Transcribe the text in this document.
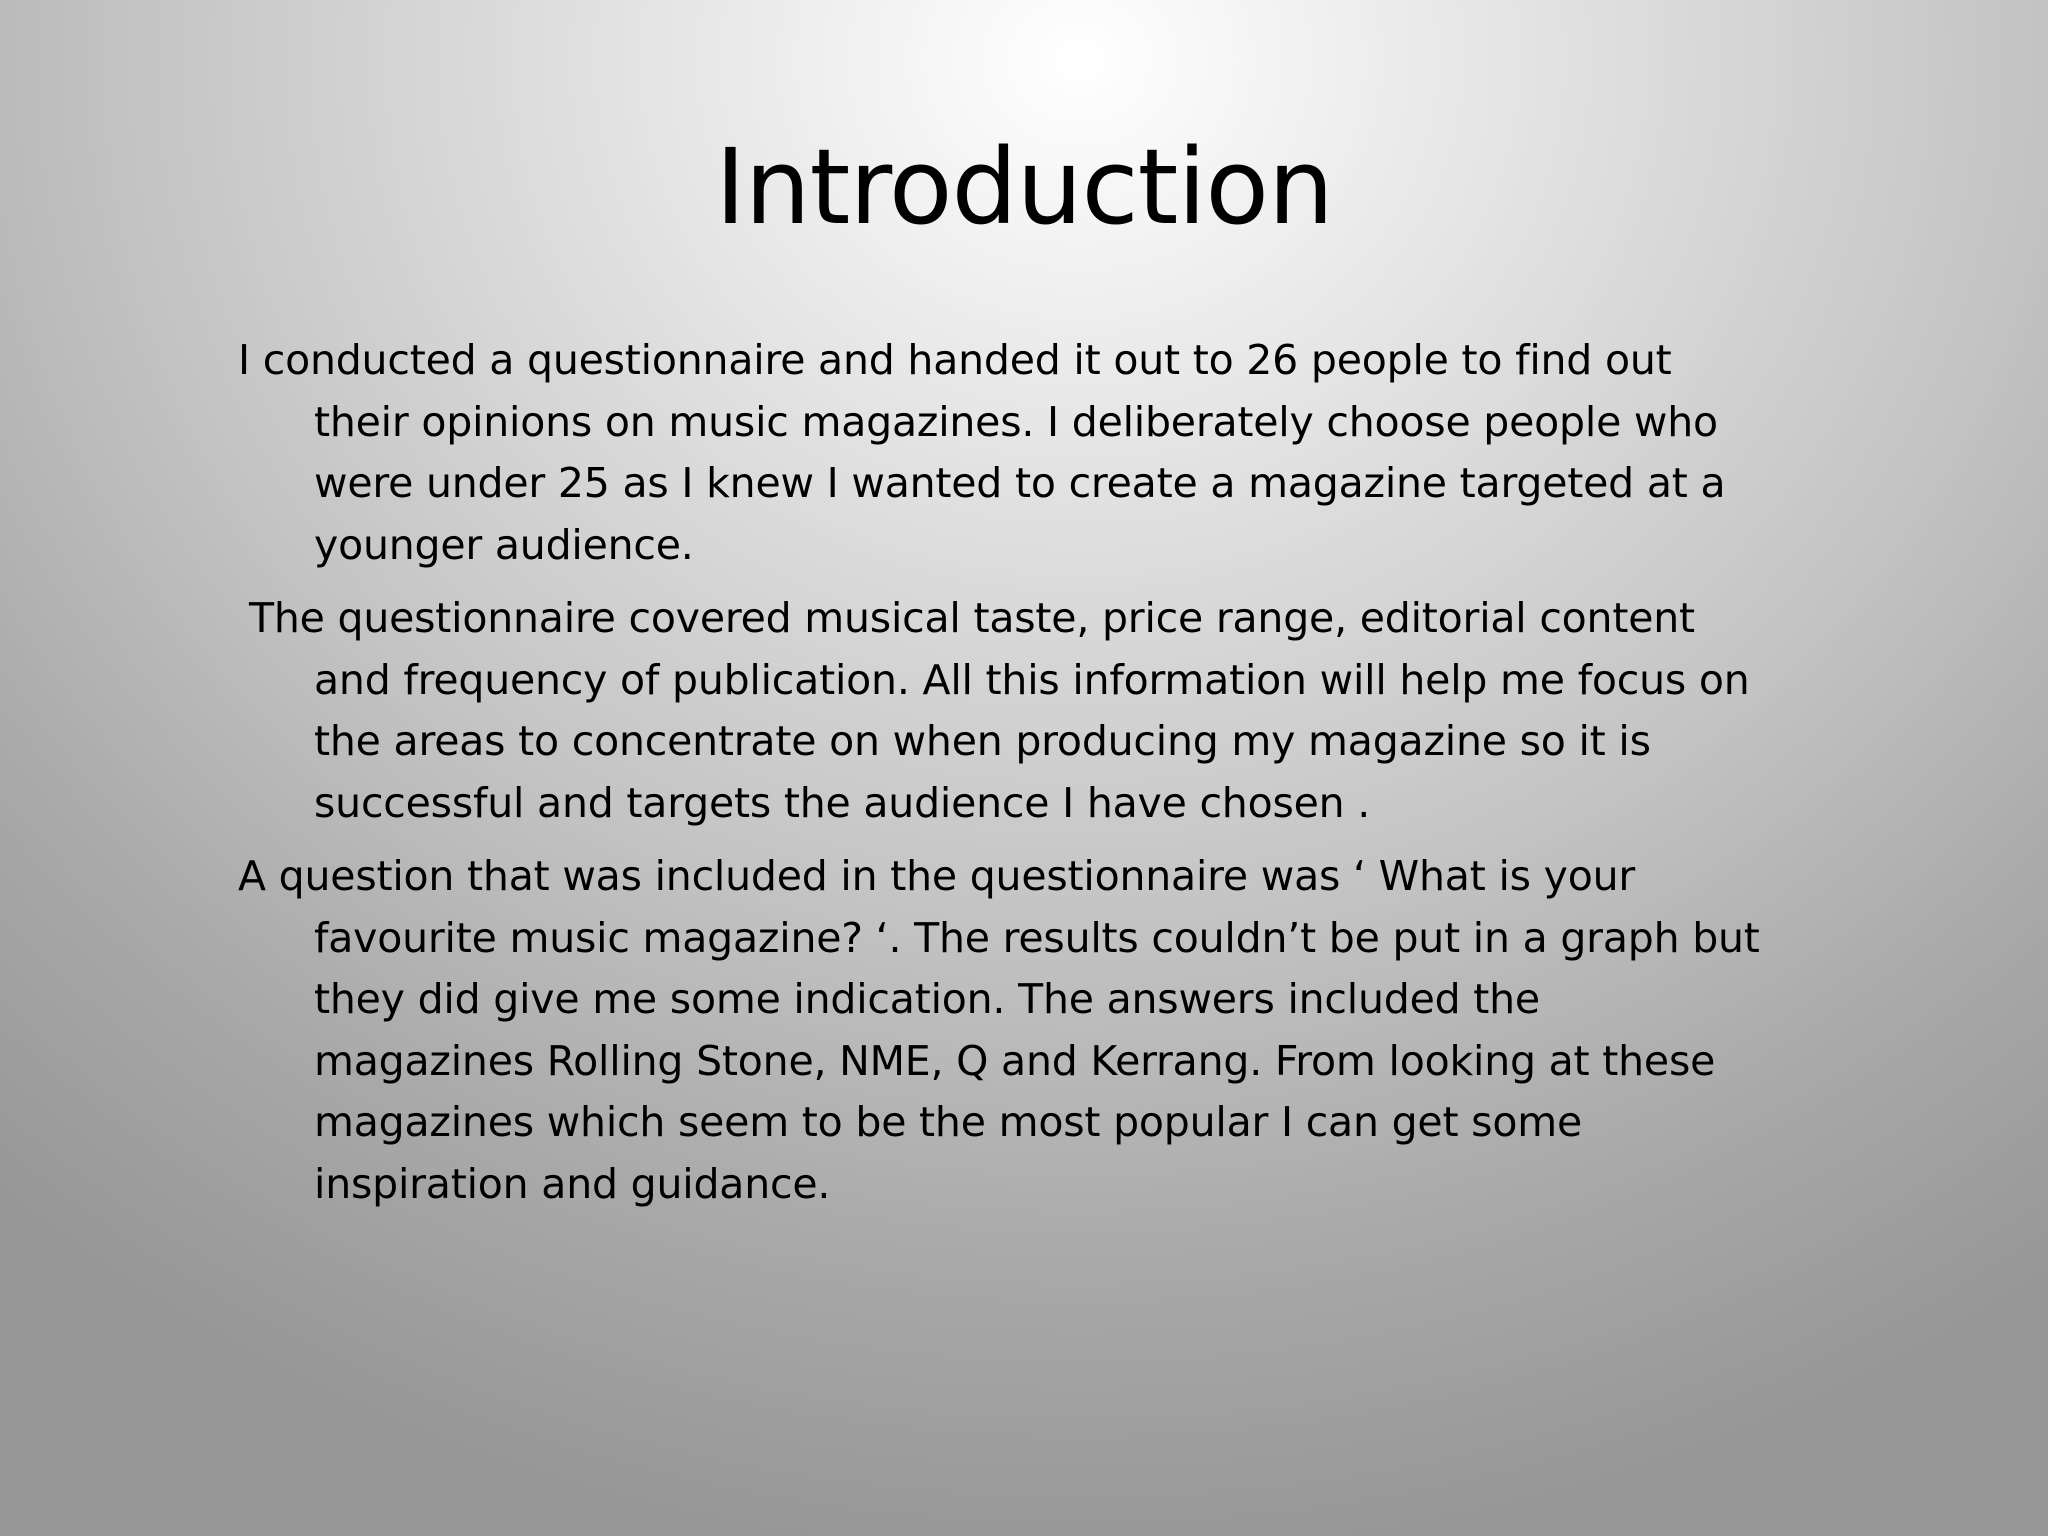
Introduction
I conducted a questionnaire and handed it out to 26 people to find out their opinions on music magazines. I deliberately choose people who were under 25 as I knew I wanted to create a magazine targeted at a younger audience.
The questionnaire covered musical taste, price range, editorial content and frequency of publication. All this information will help me focus on the areas to concentrate on when producing my magazine so it is successful and targets the audience I have chosen .
A question that was included in the questionnaire was ‘ What is your favourite music magazine? ‘. The results couldn’t be put in a graph but they did give me some indication. The answers included the magazines Rolling Stone, NME, Q and Kerrang. From looking at these magazines which seem to be the most popular I can get some inspiration and guidance.
